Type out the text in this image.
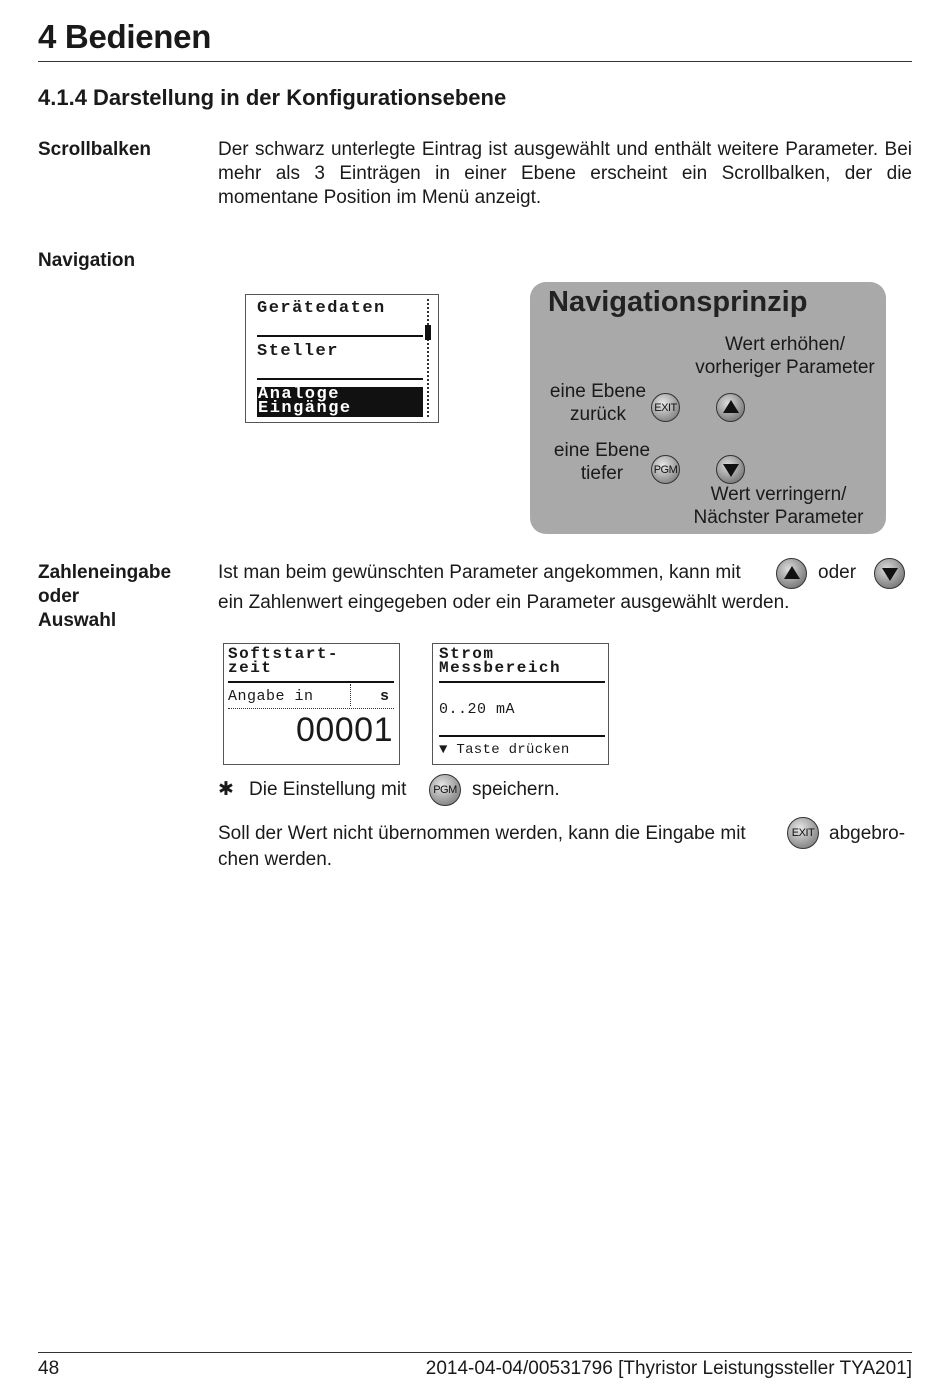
4 Bedienen
4.1.4 Darstellung in der Konfigurationsebene
Scrollbalken	Der schwarz unterlegte Eintrag ist ausgewählt und enthält weitere Parameter. Bei mehr als 3 Einträgen in einer Ebene erscheint ein Scrollbalken, der die momentane Position im Menü anzeigt.
Navigation
Gerätedaten
Steller
Analoge
Eingänge
Navigationsprinzip
Wert erhöhen/
vorheriger Parameter
eine Ebene
zurück	EXIT
eine Ebene
tiefer	PGM
Wert verringern/
Nächster Parameter
Zahleneingabe
oder
Auswahl
Ist man beim gewünschten Parameter angekommen, kann mit	oder
ein Zahlenwert eingegeben oder ein Parameter ausgewählt werden.
Softstart-
zeit
Angabe in	s
00001
Strom
Messbereich
0..20 mA
▼ Taste drücken
✱ Die Einstellung mit	PGM speichern.
Soll der Wert nicht übernommen werden, kann die Eingabe mit	EXIT abgebro-
chen werden.
48	2014-04-04/00531796 [Thyristor Leistungssteller TYA201]
